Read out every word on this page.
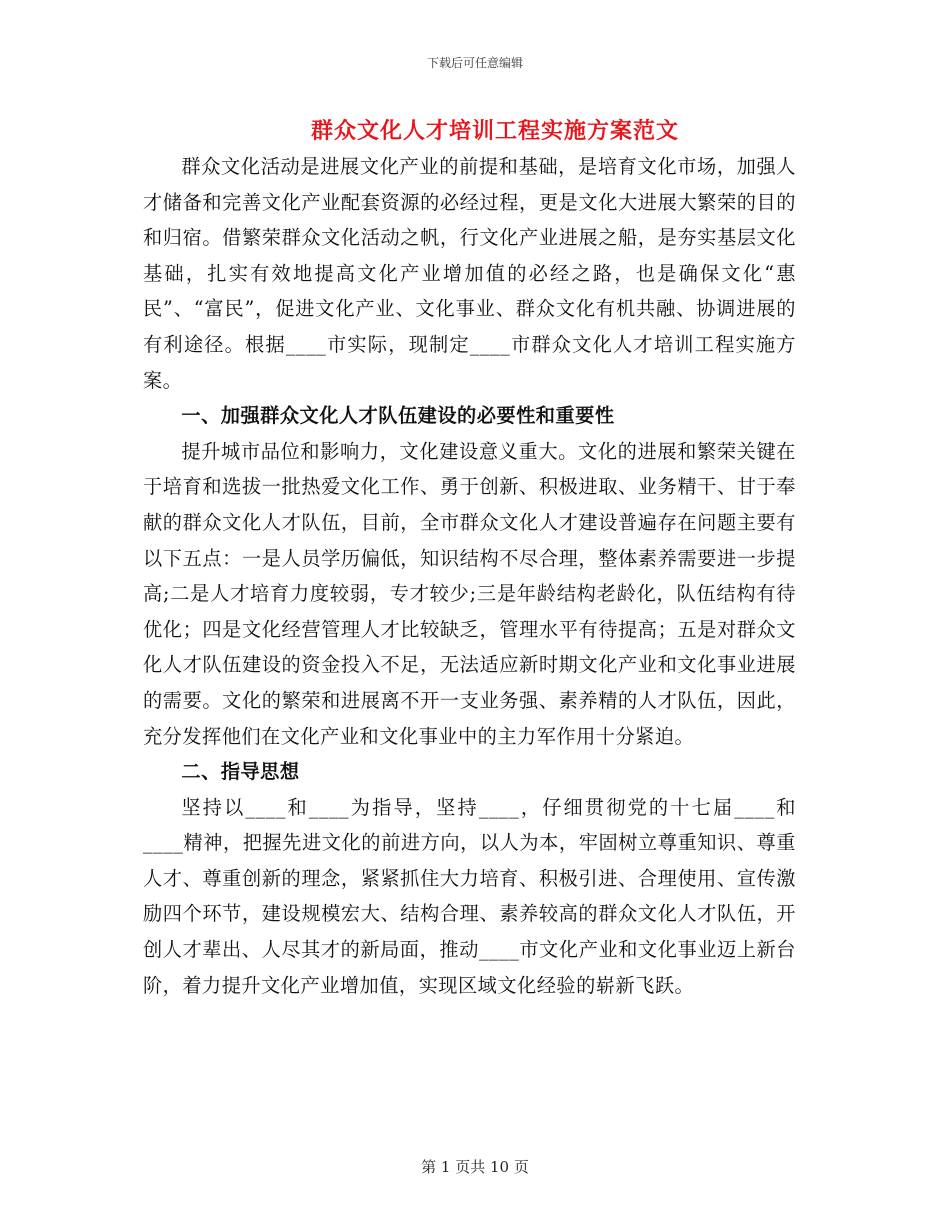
下载后可任意编辑
群众文化人才培训工程实施方案范文

群众文化活动是进展文化产业的前提和基础，是培育文化市场，加强人才储备和完善文化产业配套资源的必经过程，更是文化大进展大繁荣的目的和归宿。借繁荣群众文化活动之帆，行文化产业进展之船，是夯实基层文化基础，扎实有效地提高文化产业增加值的必经之路，也是确保文化“惠民”、“富民”，促进文化产业、文化事业、群众文化有机共融、协调进展的有利途径。根据____市实际，现制定____市群众文化人才培训工程实施方案。

一、加强群众文化人才队伍建设的必要性和重要性

提升城市品位和影响力，文化建设意义重大。文化的进展和繁荣关键在于培育和选拔一批热爱文化工作、勇于创新、积极进取、业务精干、甘于奉献的群众文化人才队伍，目前，全市群众文化人才建设普遍存在问题主要有以下五点：一是人员学历偏低，知识结构不尽合理，整体素养需要进一步提高;二是人才培育力度较弱，专才较少;三是年龄结构老龄化，队伍结构有待优化；四是文化经营管理人才比较缺乏，管理水平有待提高；五是对群众文化人才队伍建设的资金投入不足，无法适应新时期文化产业和文化事业进展的需要。文化的繁荣和进展离不开一支业务强、素养精的人才队伍，因此，充分发挥他们在文化产业和文化事业中的主力军作用十分紧迫。

二、指导思想

坚持以____和____为指导，坚持____，仔细贯彻党的十七届____和____精神，把握先进文化的前进方向，以人为本，牢固树立尊重知识、尊重人才、尊重创新的理念，紧紧抓住大力培育、积极引进、合理使用、宣传激励四个环节，建设规模宏大、结构合理、素养较高的群众文化人才队伍，开创人才辈出、人尽其才的新局面，推动____市文化产业和文化事业迈上新台阶，着力提升文化产业增加值，实现区域文化经验的崭新飞跃。

第 1 页共 10 页
